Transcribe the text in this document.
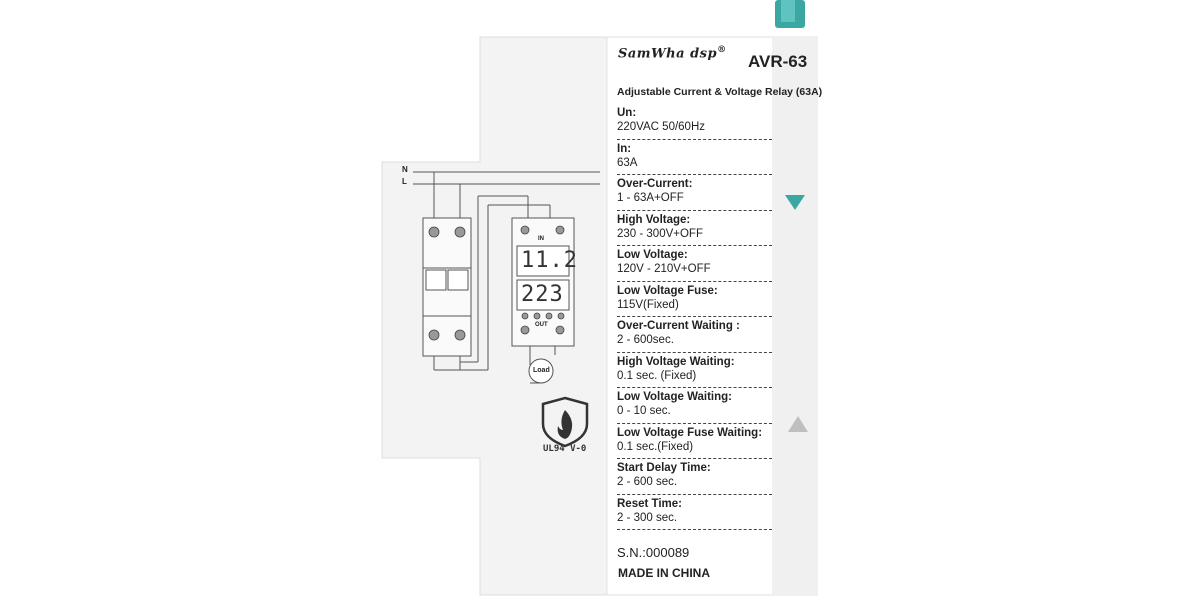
N
L
IN
OUT
11.2
223
Load
UL94 V-0
SamWha dsp®
AVR-63
Adjustable Current & Voltage Relay (63A)
Un:
220VAC 50/60Hz
In:
63A
Over-Current:
1 - 63A+OFF
High Voltage:
230 - 300V+OFF
Low Voltage:
120V - 210V+OFF
Low Voltage Fuse:
115V(Fixed)
Over-Current Waiting :
2 - 600sec.
High Voltage Waiting:
0.1 sec. (Fixed)
Low Voltage Waiting:
0 - 10 sec.
Low Voltage Fuse Waiting:
0.1 sec.(Fixed)
Start Delay Time:
2 - 600 sec.
Reset Time:
2 - 300 sec.
S.N.:000089
MADE IN CHINA
